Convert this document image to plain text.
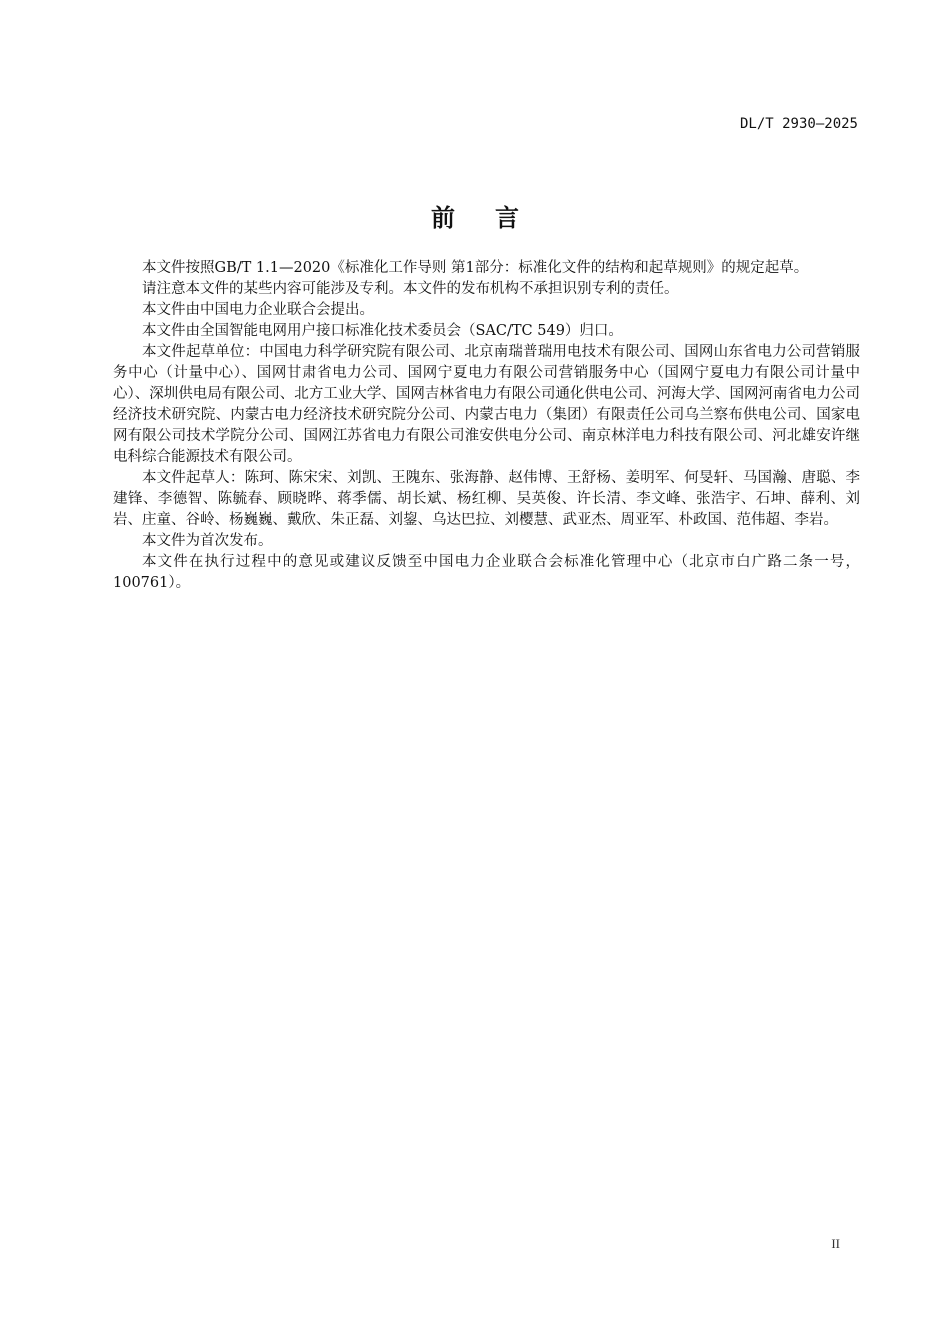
DL/T 2930—2025
前言

本文件按照GB/T 1.1—2020《标准化工作导则 第1部分：标准化文件的结构和起草规则》的规定起草。

请注意本文件的某些内容可能涉及专利。本文件的发布机构不承担识别专利的责任。

本文件由中国电力企业联合会提出。

本文件由全国智能电网用户接口标准化技术委员会（SAC/TC 549）归口。

本文件起草单位：中国电力科学研究院有限公司、北京南瑞普瑞用电技术有限公司、国网山东省电力公司营销服务中心（计量中心）、国网甘肃省电力公司、国网宁夏电力有限公司营销服务中心（国网宁夏电力有限公司计量中心）、深圳供电局有限公司、北方工业大学、国网吉林省电力有限公司通化供电公司、河海大学、国网河南省电力公司经济技术研究院、内蒙古电力经济技术研究院分公司、内蒙古电力（集团）有限责任公司乌兰察布供电公司、国家电网有限公司技术学院分公司、国网江苏省电力有限公司淮安供电分公司、南京林洋电力科技有限公司、河北雄安许继电科综合能源技术有限公司。

本文件起草人：陈珂、陈宋宋、刘凯、王隗东、张海静、赵伟博、王舒杨、姜明军、何旻轩、马国瀚、唐聪、李建锋、李德智、陈毓春、顾晓晔、蒋季儒、胡长斌、杨红柳、吴英俊、许长清、李文峰、张浩宇、石坤、薛利、刘岩、庄童、谷岭、杨巍巍、戴欣、朱正磊、刘鋆、乌达巴拉、刘樱慧、武亚杰、周亚军、朴政国、范伟超、李岩。

本文件为首次发布。

本文件在执行过程中的意见或建议反馈至中国电力企业联合会标准化管理中心（北京市白广路二条一号，100761）。

II
